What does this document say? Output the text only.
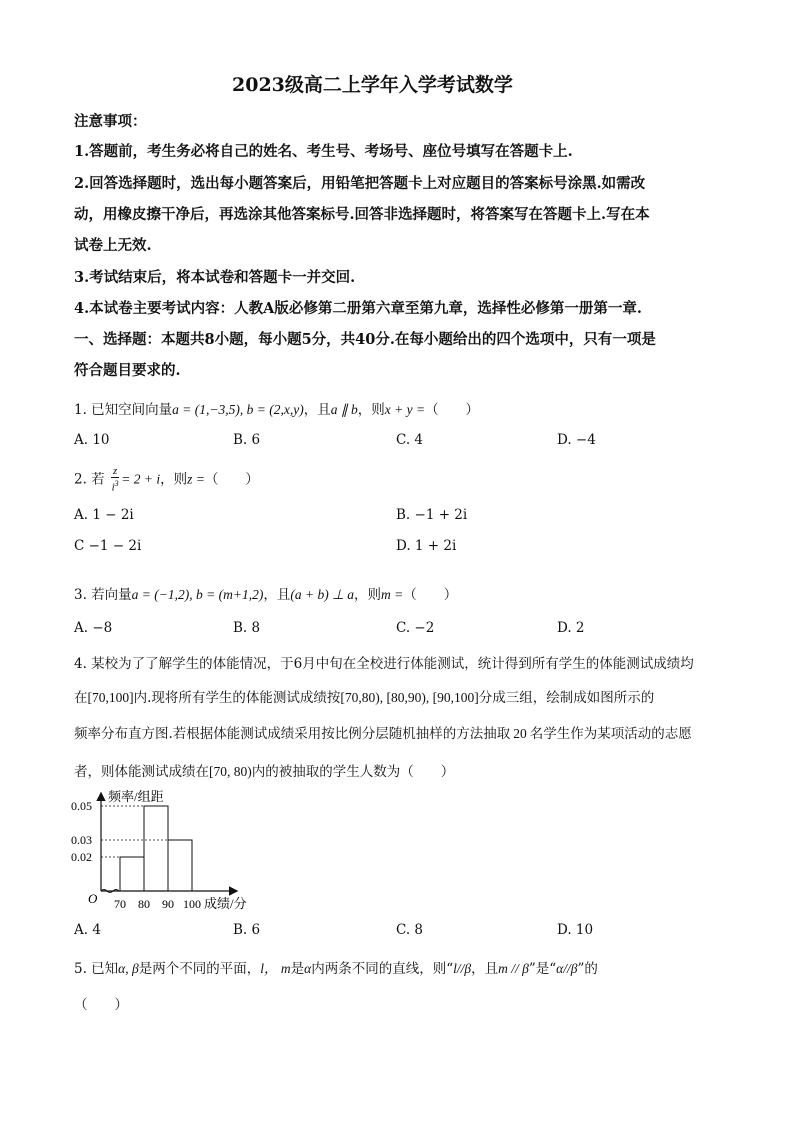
2023级高二上学年入学考试数学
注意事项：
1.答题前，考生务必将自己的姓名、考生号、考场号、座位号填写在答题卡上.
2.回答选择题时，选出每小题答案后，用铅笔把答题卡上对应题目的答案标号涂黑.如需改
动，用橡皮擦干净后，再选涂其他答案标号.回答非选择题时，将答案写在答题卡上.写在本
试卷上无效.
3.考试结束后，将本试卷和答题卡一并交回.
4.本试卷主要考试内容：人教A版必修第二册第六章至第九章，选择性必修第一册第一章.
一、选择题：本题共8小题，每小题5分，共40分.在每小题给出的四个选项中，只有一项是
符合题目要求的.
1. 已知空间向量a = (1,−3,5), b = (2,x,y)，且a ∥ b，则x + y =（　　）
A. 10	B. 6	C. 4	D. −4
2. 若 $\frac{z}{i^3} = 2 + i$，则z =（　　）
A. 1 − 2i	B. −1 + 2i
C −1 − 2i	D. 1 + 2i
3. 若向量a = (−1,2), b = (m+1,2)，且(a + b) ⊥ a，则m =（　　）
A. −8	B. 8	C. −2	D. 2
4. 某校为了了解学生的体能情况，于6月中旬在全校进行体能测试，统计得到所有学生的体能测试成绩均
在[70,100]内.现将所有学生的体能测试成绩按[70,80), [80,90), [90,100]分成三组，绘制成如图所示的
频率分布直方图.若根据体能测试成绩采用按比例分层随机抽样的方法抽取 20 名学生作为某项活动的志愿
者，则体能测试成绩在[70, 80)内的被抽取的学生人数为（　　）
频率/组距
成绩/分
O
0.02
0.03
0.05
70 80 90 100
A. 4	B. 6	C. 8	D. 10
5. 已知α, β是两个不同的平面，l， m是α内两条不同的直线，则“l//β，且m // β”是“α//β”的
（　　）
